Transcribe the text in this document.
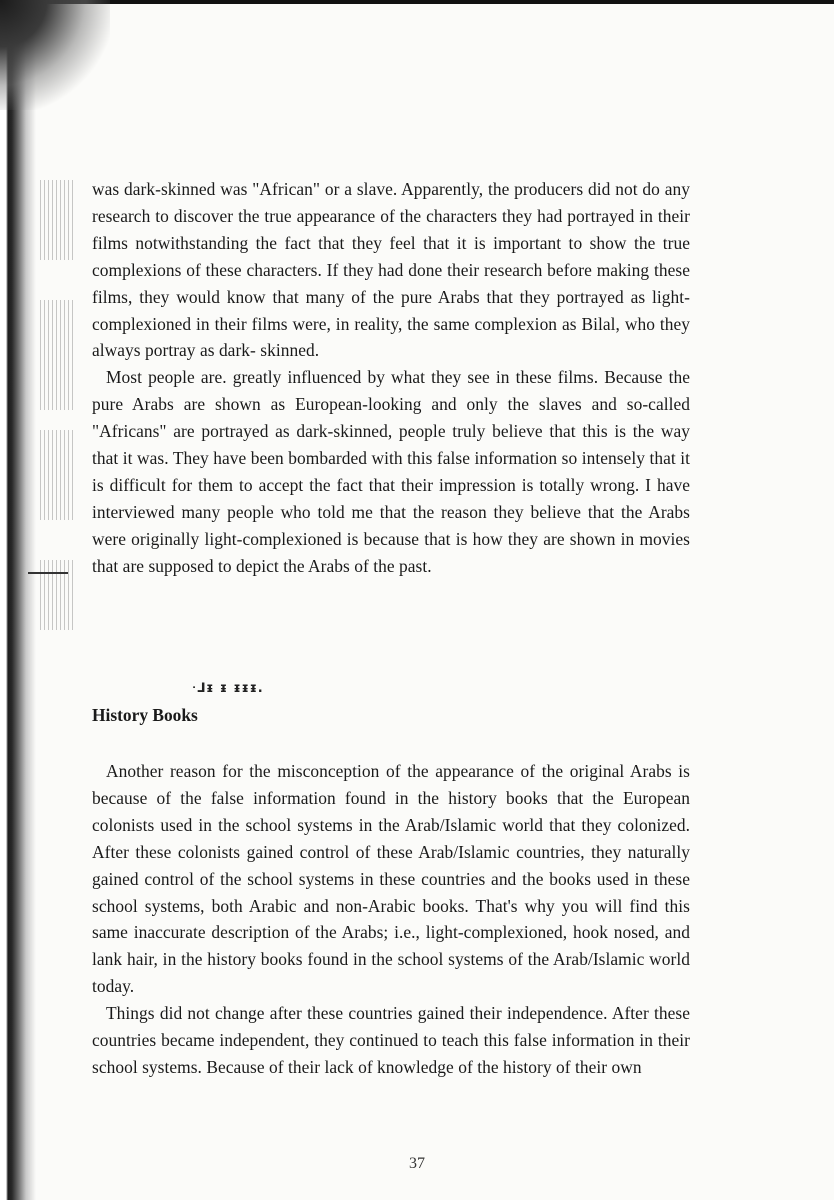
was dark-skinned was "African" or a slave. Apparently, the producers did not do any research to discover the true appearance of the characters they had portrayed in their films notwithstanding the fact that they feel that it is important to show the true complexions of these characters. If they had done their research before making these films, they would know that many of the pure Arabs that they portrayed as light-complexioned in their films were, in reality, the same complexion as Bilal, who they always portray as dark- skinned.

Most people are. greatly influenced by what they see in these films. Because the pure Arabs are shown as European-looking and only the slaves and so-called "Africans" are portrayed as dark-skinned, people truly believe that this is the way that it was. They have been bombarded with this false information so intensely that it is difficult for them to accept the fact that their impression is totally wrong. I have interviewed many people who told me that the reason they believe that the Arabs were originally light-complexioned is because that is how they are shown in movies that are supposed to depict the Arabs of the past.

ᐧ⅃ᵻ ᵻ ᵻᵻᵻ.
History Books

Another reason for the misconception of the appearance of the original Arabs is because of the false information found in the history books that the European colonists used in the school systems in the Arab/Islamic world that they colonized. After these colonists gained control of these Arab/Islamic countries, they naturally gained control of the school systems in these countries and the books used in these school systems, both Arabic and non-Arabic books. That's why you will find this same inaccurate description of the Arabs; i.e., light-complexioned, hook nosed, and lank hair, in the history books found in the school systems of the Arab/Islamic world today.

Things did not change after these countries gained their independence. After these countries became independent, they continued to teach this false information in their school systems. Because of their lack of knowledge of the history of their own

37
